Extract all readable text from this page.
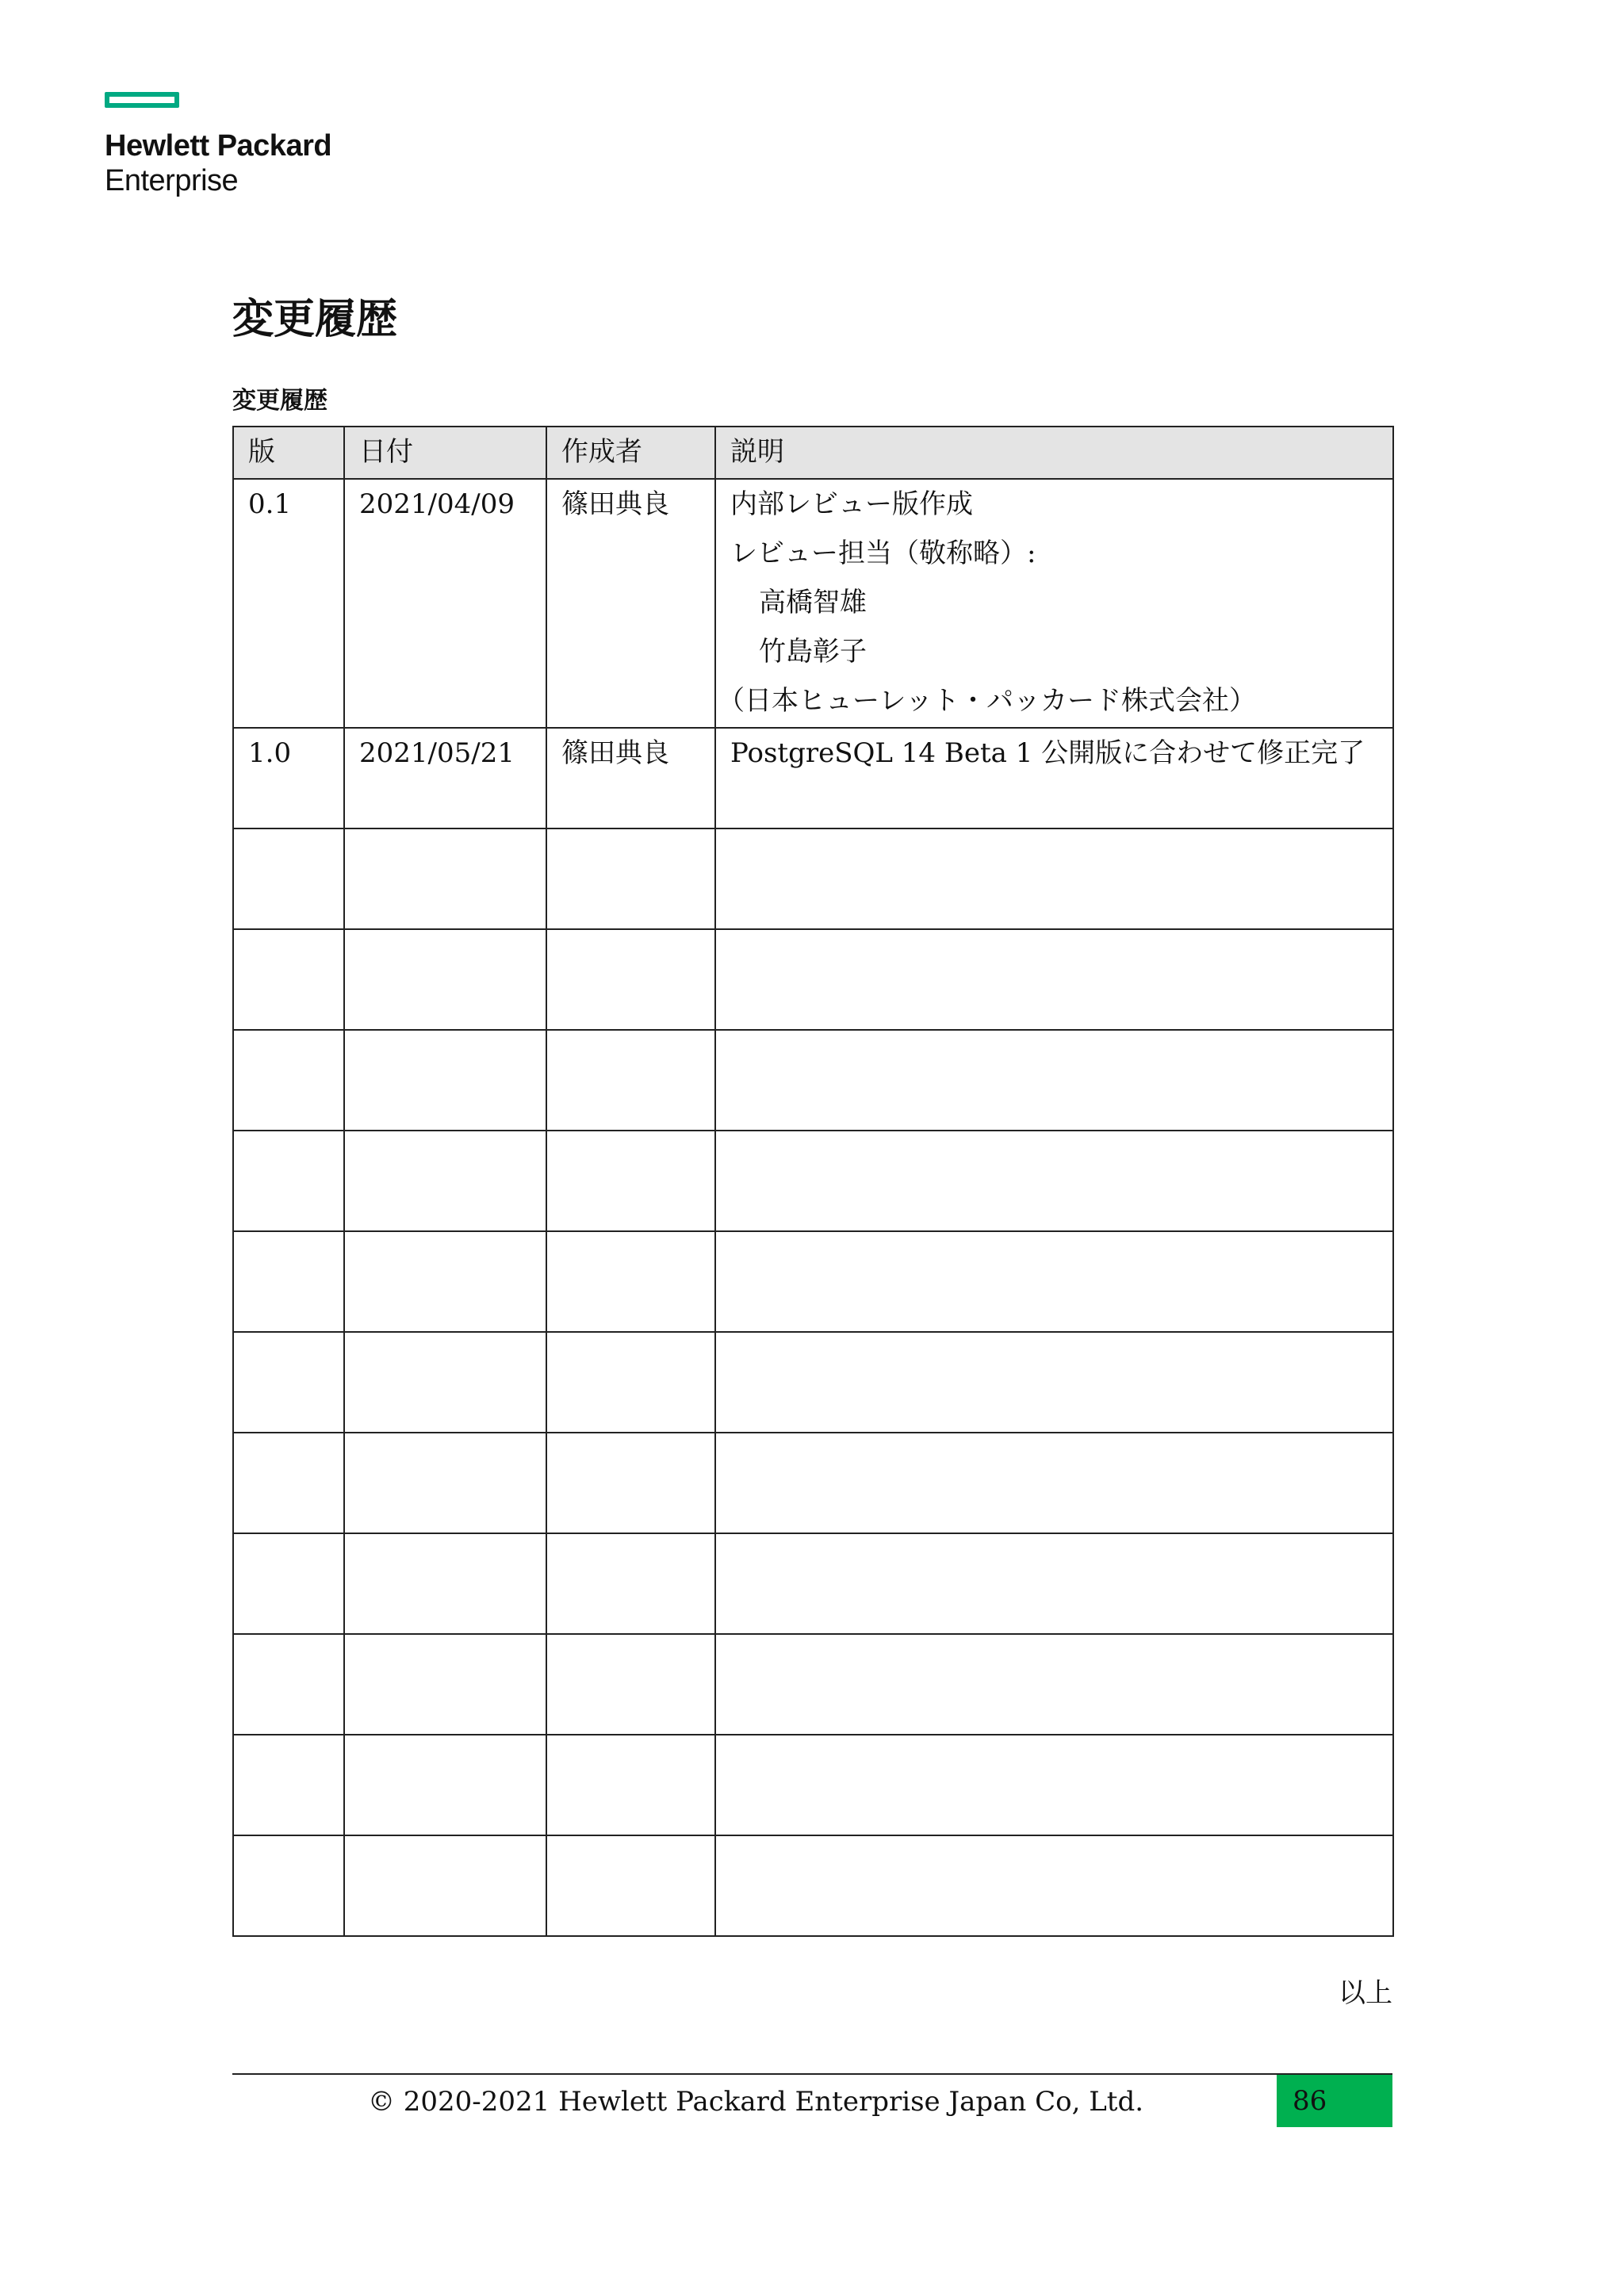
Hewlett Packard
Enterprise
変更履歴
変更履歴
版	日付	作成者	説明
0.1	2021/04/09	篠田典良	内部レビュー版作成
レビュー担当（敬称略）:
高橋智雄
竹島彰子
（日本ヒューレット・パッカード株式会社）

1.0	2021/05/21	篠田典良	PostgreSQL 14 Beta 1 公開版に合わせて修正完了

以上
© 2020-2021 Hewlett Packard Enterprise Japan Co, Ltd.	86
